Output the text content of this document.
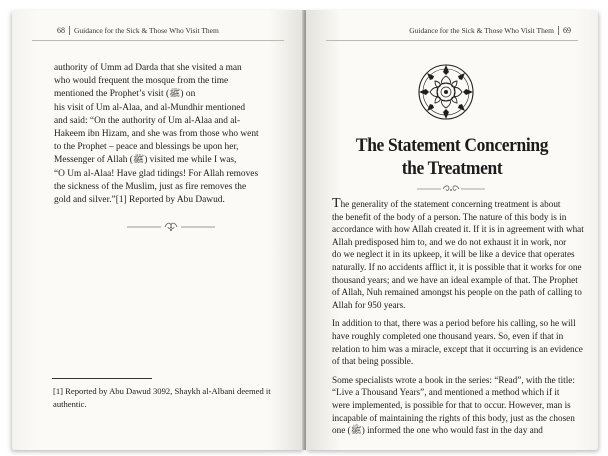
68 Guidance for the Sick & Those Who Visit Them
authority of Umm ad Darda that she visited a man
who would frequent the mosque from the time
mentioned the Prophet’s visit (ﷺ) on
his visit of Um al-Alaa, and al-Mundhir mentioned
and said: “On the authority of Um al-Alaa and al-
Hakeem ibn Hizam, and she was from those who went
to the Prophet – peace and blessings be upon her,
Messenger of Allah (ﷺ) visited me while I was,
“O Um al-Alaa! Have glad tidings! For Allah removes
the sickness of the Muslim, just as fire removes the
gold and silver.”[1] Reported by Abu Dawud.
[1] Reported by Abu Dawud 3092, Shaykh al-Albani deemed it
authentic.
Guidance for the Sick & Those Who Visit Them 69
The Statement Concerning
the Treatment
The generality of the statement concerning treatment is about
the benefit of the body of a person. The nature of this body is in
accordance with how Allah created it. If it is in agreement with what
Allah predisposed him to, and we do not exhaust it in work, nor
do we neglect it in its upkeep, it will be like a device that operates
naturally. If no accidents afflict it, it is possible that it works for one
thousand years; and we have an ideal example of that. The Prophet
of Allah, Nuh remained amongst his people on the path of calling to
Allah for 950 years.
In addition to that, there was a period before his calling, so he will
have roughly completed one thousand years. So, even if that in
relation to him was a miracle, except that it occurring is an evidence
of that being possible.
Some specialists wrote a book in the series: “Read”, with the title:
“Live a Thousand Years”, and mentioned a method which if it
were implemented, is possible for that to occur. However, man is
incapable of maintaining the rights of this body, just as the chosen
one (ﷺ) informed the one who would fast in the day and
